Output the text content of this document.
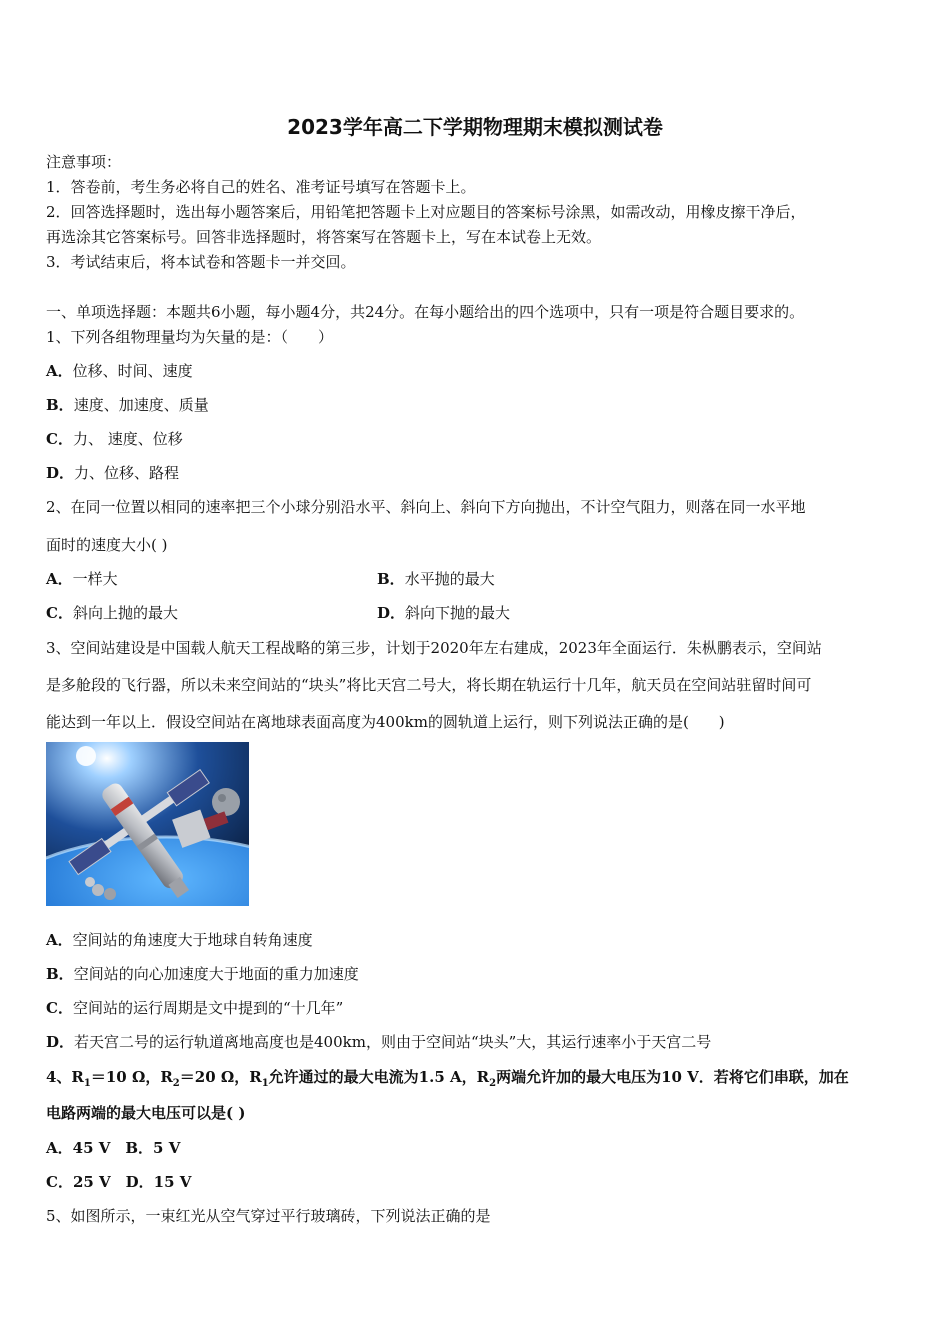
2023学年高二下学期物理期末模拟测试卷
注意事项：
1．答卷前，考生务必将自己的姓名、准考证号填写在答题卡上。
2．回答选择题时，选出每小题答案后，用铅笔把答题卡上对应题目的答案标号涂黑，如需改动，用橡皮擦干净后，
再选涂其它答案标号。回答非选择题时，将答案写在答题卡上，写在本试卷上无效。
3．考试结束后，将本试卷和答题卡一并交回。
一、单项选择题：本题共6小题，每小题4分，共24分。在每小题给出的四个选项中，只有一项是符合题目要求的。
1、下列各组物理量均为矢量的是：（　　）
A．位移、时间、速度
B．速度、加速度、质量
C．力、 速度、位移
D．力、位移、路程
2、在同一位置以相同的速率把三个小球分别沿水平、斜向上、斜向下方向抛出，不计空气阻力，则落在同一水平地
面时的速度大小( )
A．一样大	B．水平抛的最大
C．斜向上抛的最大	D．斜向下抛的最大
3、空间站建设是中国载人航天工程战略的第三步，计划于2020年左右建成，2023年全面运行．朱枞鹏表示，空间站
是多舱段的飞行器，所以未来空间站的“块头”将比天宫二号大，将长期在轨运行十几年，航天员在空间站驻留时间可
能达到一年以上．假设空间站在离地球表面高度为400km的圆轨道上运行，则下列说法正确的是(　　)
A．空间站的角速度大于地球自转角速度
B．空间站的向心加速度大于地面的重力加速度
C．空间站的运行周期是文中提到的“十几年”
D．若天宫二号的运行轨道离地高度也是400km，则由于空间站“块头”大，其运行速率小于天宫二号
4、$R_1=10$ Ω，$R_2=20$ Ω，$R_1$允许通过的最大电流为1.5 A，$R_2$两端允许加的最大电压为10 V．若将它们串联，加在
电路两端的最大电压可以是( )
A．45 V　B．5 V
C．25 V　D．15 V
5、如图所示，一束红光从空气穿过平行玻璃砖，下列说法正确的是
